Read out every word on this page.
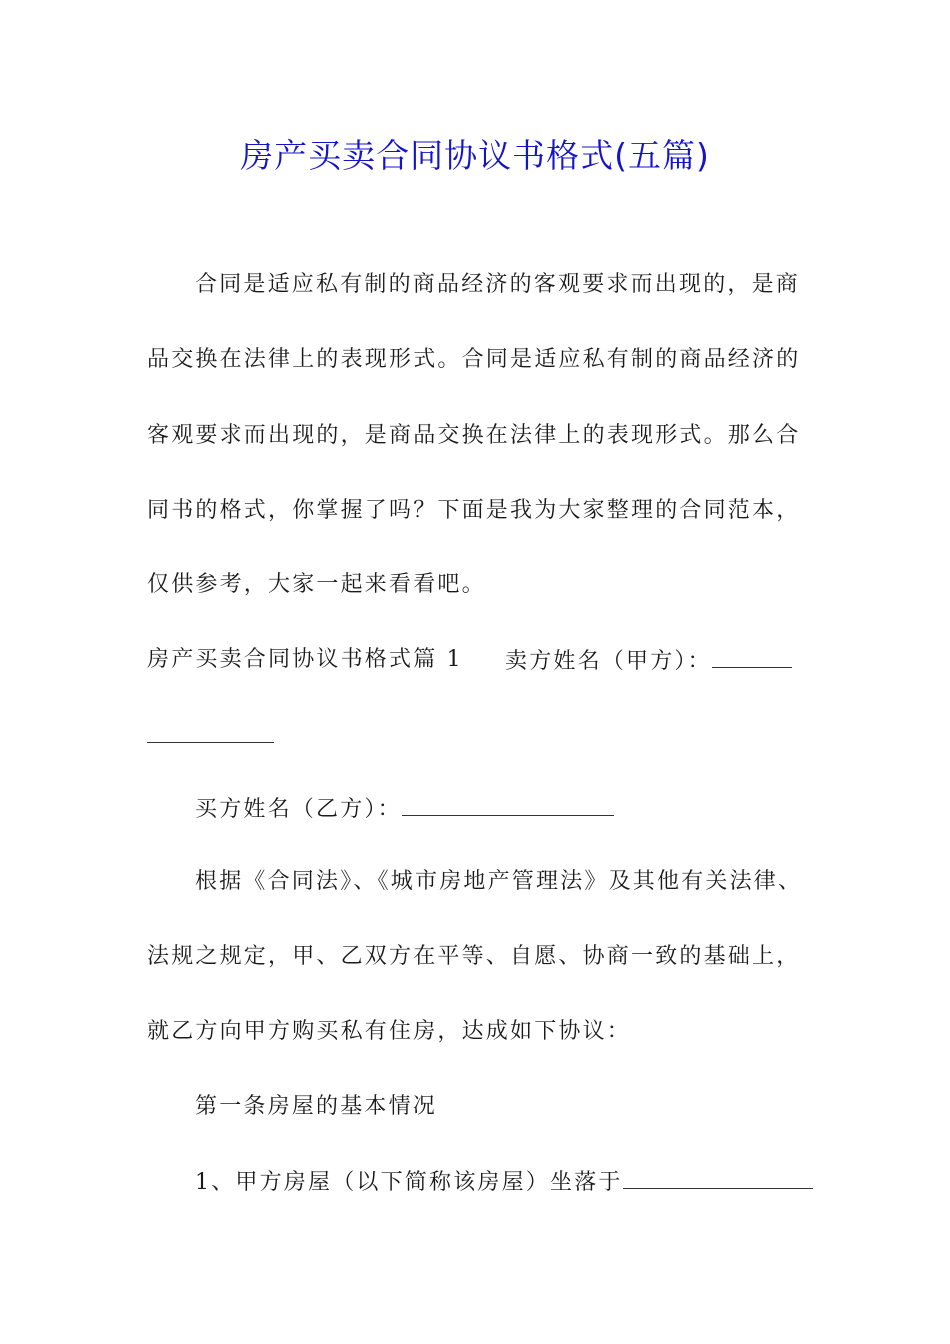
房产买卖合同协议书格式(五篇)
合同是适应私有制的商品经济的客观要求而出现的，是商
品交换在法律上的表现形式。合同是适应私有制的商品经济的
客观要求而出现的，是商品交换在法律上的表现形式。那么合
同书的格式，你掌握了吗？下面是我为大家整理的合同范本，
仅供参考，大家一起来看看吧。
房产买卖合同协议书格式篇 1 卖方姓名（甲方）：
买方姓名（乙方）：
根据《合同法》、《城市房地产管理法》及其他有关法律、
法规之规定，甲、乙双方在平等、自愿、协商一致的基础上，
就乙方向甲方购买私有住房，达成如下协议：
第一条房屋的基本情况
1、甲方房屋（以下简称该房屋）坐落于
